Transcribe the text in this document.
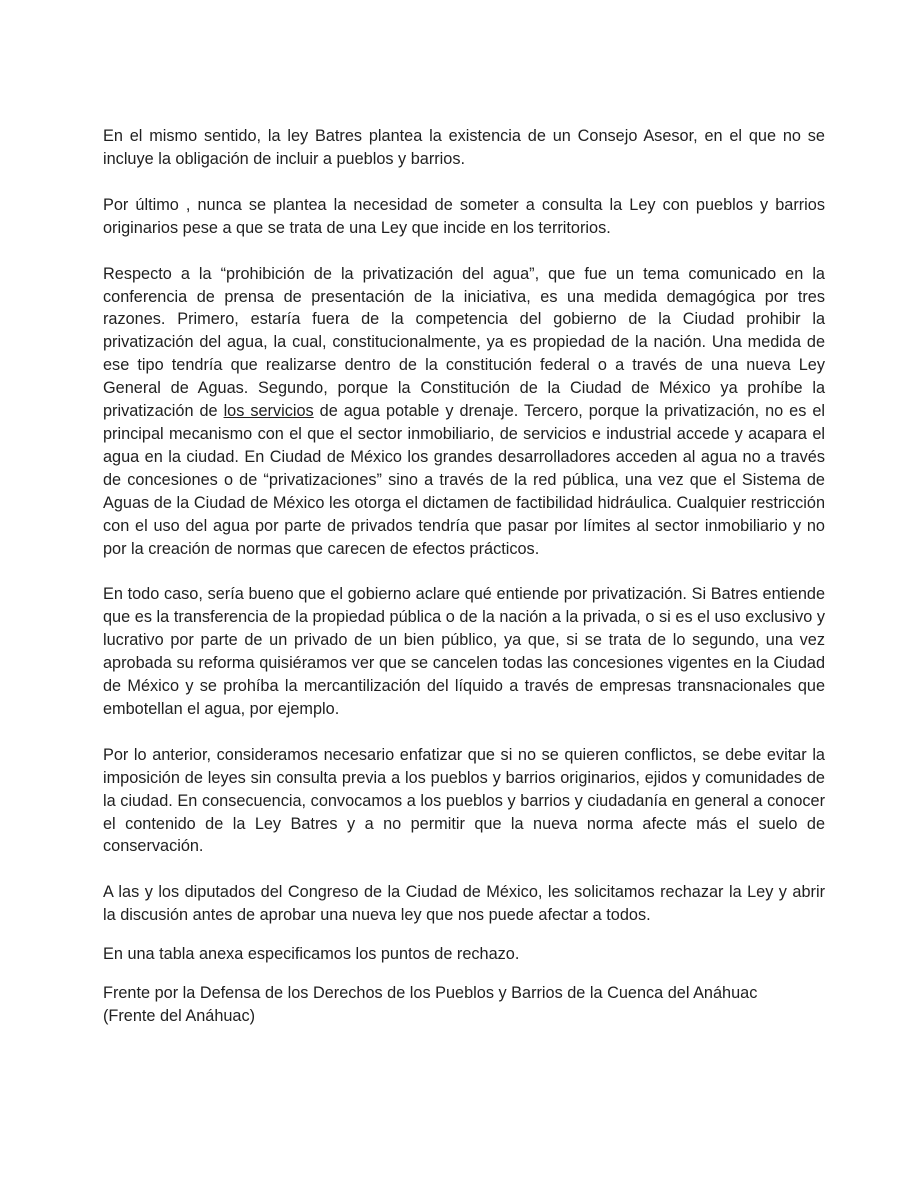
En el mismo sentido, la ley Batres plantea la existencia de un Consejo Asesor, en el que no se incluye la obligación de incluir a pueblos y barrios.

Por último , nunca se plantea la necesidad de someter a consulta la Ley con pueblos y barrios originarios pese a que se trata de una Ley que incide en los territorios.

Respecto a la “prohibición de la privatización del agua”, que fue un tema comunicado en la conferencia de prensa de presentación de la iniciativa, es una medida demagógica por tres razones. Primero, estaría fuera de la competencia del gobierno de la Ciudad prohibir la privatización del agua, la cual, constitucionalmente, ya es propiedad de la nación. Una medida de ese tipo tendría que realizarse dentro de la constitución federal o a través de una nueva Ley General de Aguas. Segundo, porque la Constitución de la Ciudad de México ya prohíbe la privatización de los servicios de agua potable y drenaje. Tercero, porque la privatización, no es el principal mecanismo con el que el sector inmobiliario, de servicios e industrial accede y acapara el agua en la ciudad. En Ciudad de México los grandes desarrolladores acceden al agua no a través de concesiones o de “privatizaciones” sino a través de la red pública, una vez que el Sistema de Aguas de la Ciudad de México les otorga el dictamen de factibilidad hidráulica. Cualquier restricción con el uso del agua por parte de privados tendría que pasar por límites al sector inmobiliario y no por la creación de normas que carecen de efectos prácticos.

En todo caso, sería bueno que el gobierno aclare qué entiende por privatización. Si Batres entiende que es la transferencia de la propiedad pública o de la nación a la privada, o si es el uso exclusivo y lucrativo por parte de un privado de un bien público, ya que, si se trata de lo segundo, una vez aprobada su reforma quisiéramos ver que se cancelen todas las concesiones vigentes en la Ciudad de México y se prohíba la mercantilización del líquido a través de empresas transnacionales que embotellan el agua, por ejemplo.

Por lo anterior, consideramos necesario enfatizar que si no se quieren conflictos, se debe evitar la imposición de leyes sin consulta previa a los pueblos y barrios originarios, ejidos y comunidades de la ciudad. En consecuencia, convocamos a los pueblos y barrios y ciudadanía en general a conocer el contenido de la Ley Batres y a no permitir que la nueva norma afecte más el suelo de conservación.

A las y los diputados del Congreso de la Ciudad de México, les solicitamos rechazar la Ley y abrir la discusión antes de aprobar una nueva ley que nos puede afectar a todos.

En una tabla anexa especificamos los puntos de rechazo.

Frente por la Defensa de los Derechos de los Pueblos y Barrios de la Cuenca del Anáhuac
(Frente del Anáhuac)
